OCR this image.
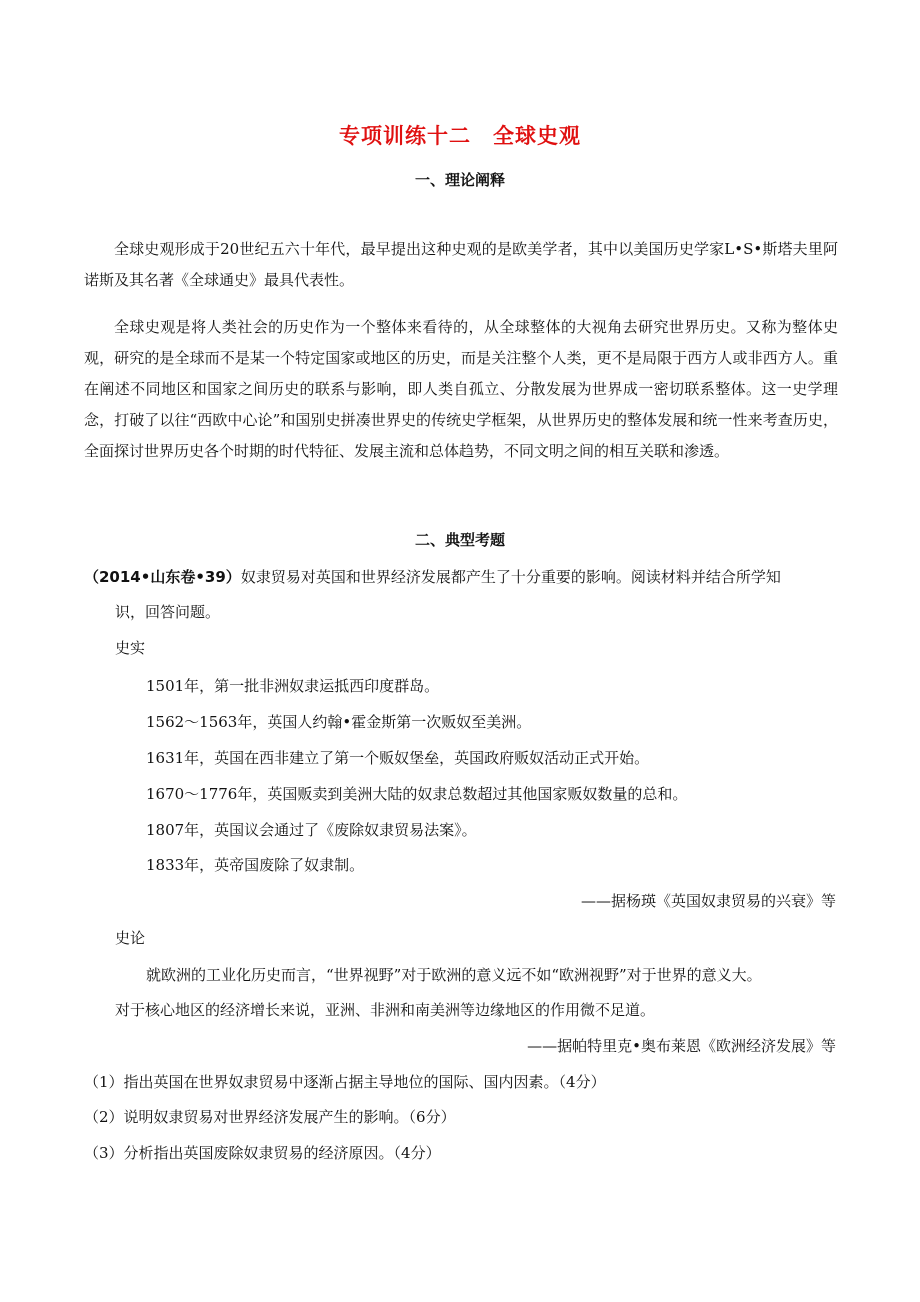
专项训练十二　全球史观
一、理论阐释
全球史观形成于20世纪五六十年代，最早提出这种史观的是欧美学者，其中以美国历史学家L•S•斯塔夫里阿诺斯及其名著《全球通史》最具代表性。
全球史观是将人类社会的历史作为一个整体来看待的，从全球整体的大视角去研究世界历史。又称为整体史观，研究的是全球而不是某一个特定国家或地区的历史，而是关注整个人类，更不是局限于西方人或非西方人。重在阐述不同地区和国家之间历史的联系与影响，即人类自孤立、分散发展为世界成一密切联系整体。这一史学理念，打破了以往“西欧中心论”和国别史拼凑世界史的传统史学框架，从世界历史的整体发展和统一性来考查历史，全面探讨世界历史各个时期的时代特征、发展主流和总体趋势，不同文明之间的相互关联和渗透。
二、典型考题
（2014•山东卷•39）奴隶贸易对英国和世界经济发展都产生了十分重要的影响。阅读材料并结合所学知
识，回答问题。
史实
1501年，第一批非洲奴隶运抵西印度群岛。
1562～1563年，英国人约翰•霍金斯第一次贩奴至美洲。
1631年，英国在西非建立了第一个贩奴堡垒，英国政府贩奴活动正式开始。
1670～1776年，英国贩卖到美洲大陆的奴隶总数超过其他国家贩奴数量的总和。
1807年，英国议会通过了《废除奴隶贸易法案》。
1833年，英帝国废除了奴隶制。
——据杨瑛《英国奴隶贸易的兴衰》等
史论
就欧洲的工业化历史而言，“世界视野”对于欧洲的意义远不如“欧洲视野”对于世界的意义大。
对于核心地区的经济增长来说，亚洲、非洲和南美洲等边缘地区的作用微不足道。
——据帕特里克•奥布莱恩《欧洲经济发展》等
（1）指出英国在世界奴隶贸易中逐渐占据主导地位的国际、国内因素。（4分）
（2）说明奴隶贸易对世界经济发展产生的影响。（6分）
（3）分析指出英国废除奴隶贸易的经济原因。（4分）
